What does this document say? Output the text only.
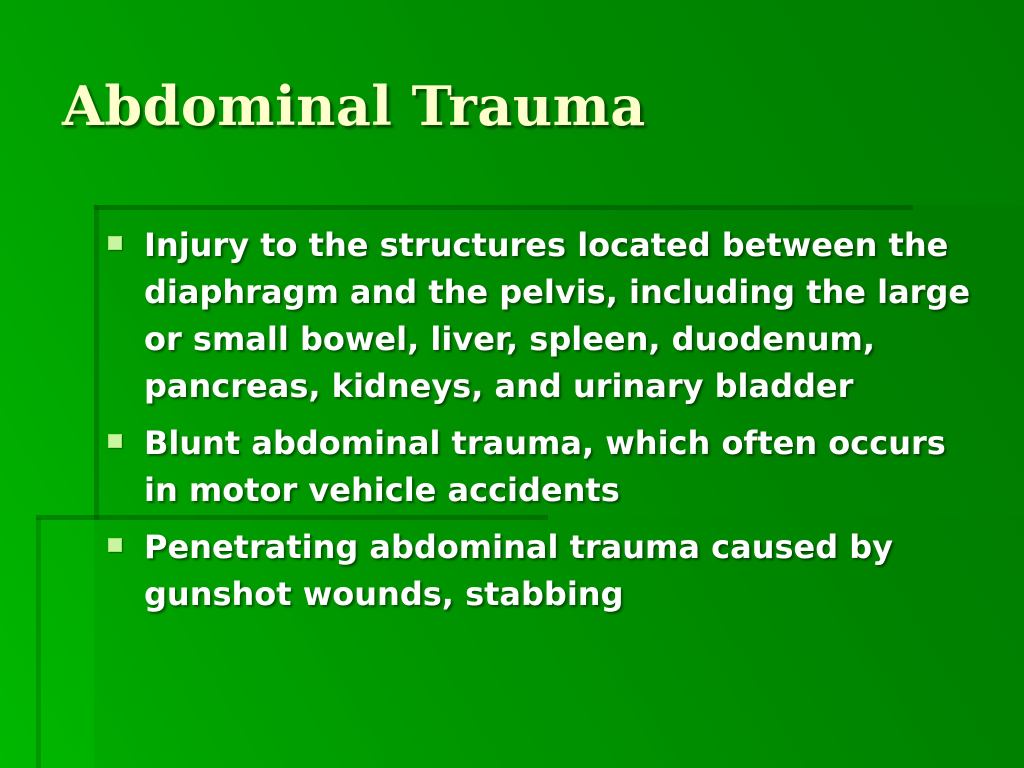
Abdominal Trauma
Injury to the structures located between the diaphragm and the pelvis, including the large or small bowel, liver, spleen, duodenum, pancreas, kidneys, and urinary bladder
Blunt abdominal trauma, which often occurs in motor vehicle accidents
Penetrating abdominal trauma caused by gunshot wounds, stabbing
